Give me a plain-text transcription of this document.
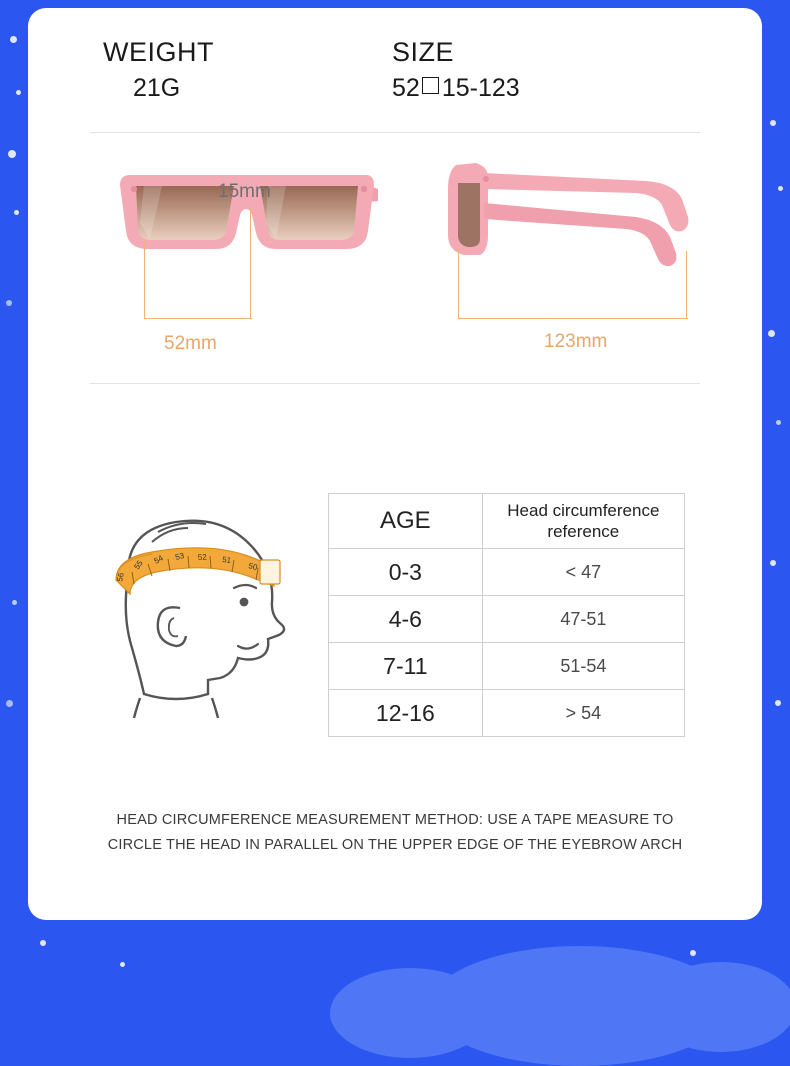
WEIGHT
21G
SIZE
52 15-123
15mm
52mm	123mm
56
55 54 53 52 51
50
AGE	Head circumference reference
0-3	< 47
4-6	47-51
7-11	51-54
12-16	> 54
HEAD CIRCUMFERENCE MEASUREMENT METHOD: USE A TAPE MEASURE TO
CIRCLE THE HEAD IN PARALLEL ON THE UPPER EDGE OF THE EYEBROW ARCH
